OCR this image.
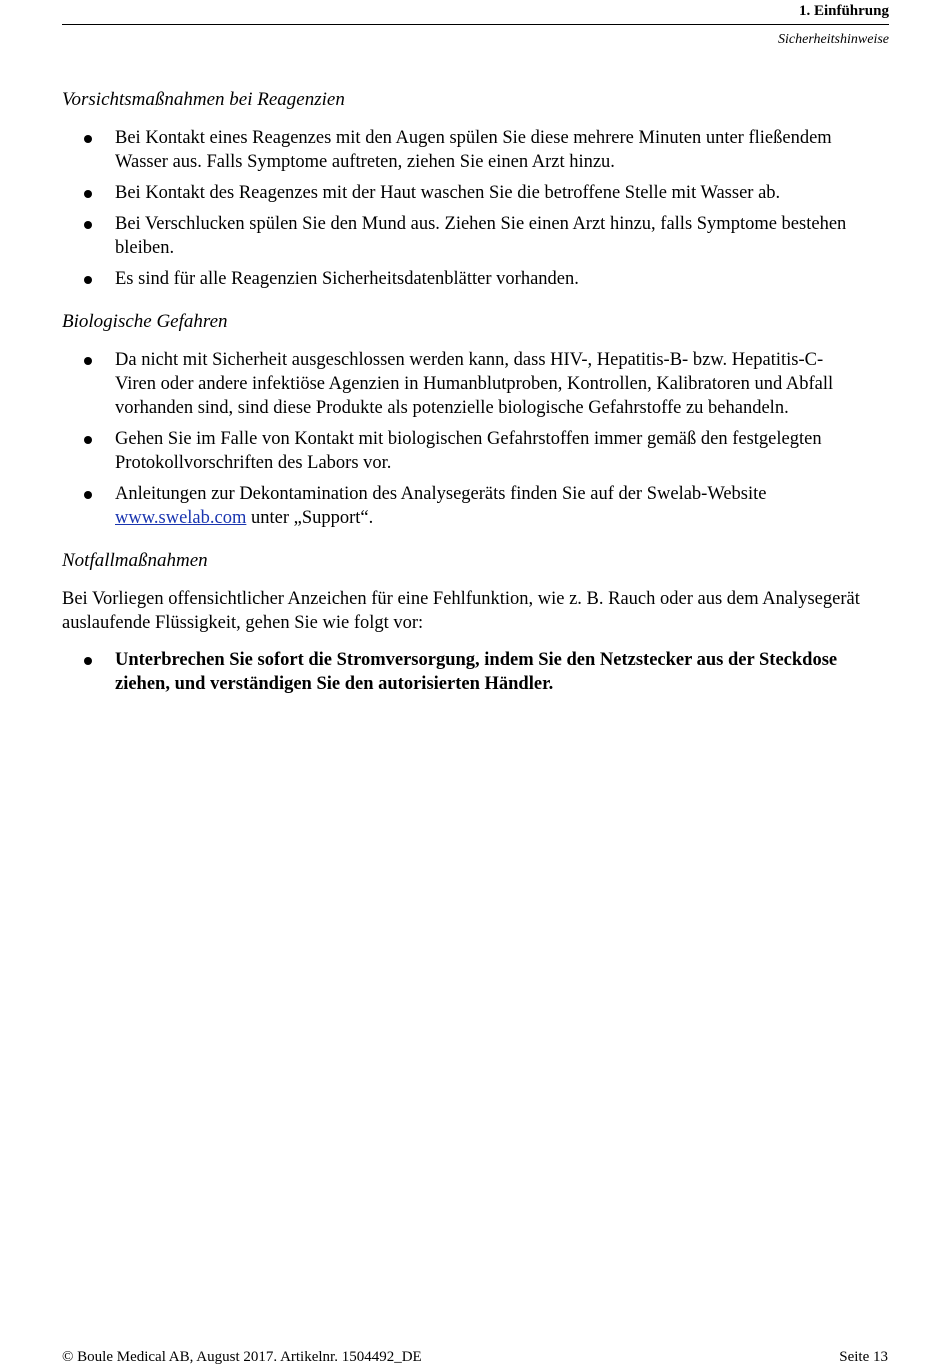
1. Einführung
Sicherheitshinweise
Vorsichtsmaßnahmen bei Reagenzien
Bei Kontakt eines Reagenzes mit den Augen spülen Sie diese mehrere Minuten unter fließendem Wasser aus. Falls Symptome auftreten, ziehen Sie einen Arzt hinzu.
Bei Kontakt des Reagenzes mit der Haut waschen Sie die betroffene Stelle mit Wasser ab.
Bei Verschlucken spülen Sie den Mund aus. Ziehen Sie einen Arzt hinzu, falls Symptome bestehen bleiben.
Es sind für alle Reagenzien Sicherheitsdatenblätter vorhanden.
Biologische Gefahren
Da nicht mit Sicherheit ausgeschlossen werden kann, dass HIV-, Hepatitis-B- bzw. Hepatitis-C-Viren oder andere infektiöse Agenzien in Humanblutproben, Kontrollen, Kalibratoren und Abfall vorhanden sind, sind diese Produkte als potenzielle biologische Gefahrstoffe zu behandeln.
Gehen Sie im Falle von Kontakt mit biologischen Gefahrstoffen immer gemäß den festgelegten Protokollvorschriften des Labors vor.
Anleitungen zur Dekontamination des Analysegeräts finden Sie auf der Swelab-Website www.swelab.com unter „Support“.
Notfallmaßnahmen

Bei Vorliegen offensichtlicher Anzeichen für eine Fehlfunktion, wie z. B. Rauch oder aus dem Analysegerät auslaufende Flüssigkeit, gehen Sie wie folgt vor:

Unterbrechen Sie sofort die Stromversorgung, indem Sie den Netzstecker aus der Steckdose ziehen, und verständigen Sie den autorisierten Händler.
© Boule Medical AB, August 2017. Artikelnr. 1504492_DE	Seite 13
